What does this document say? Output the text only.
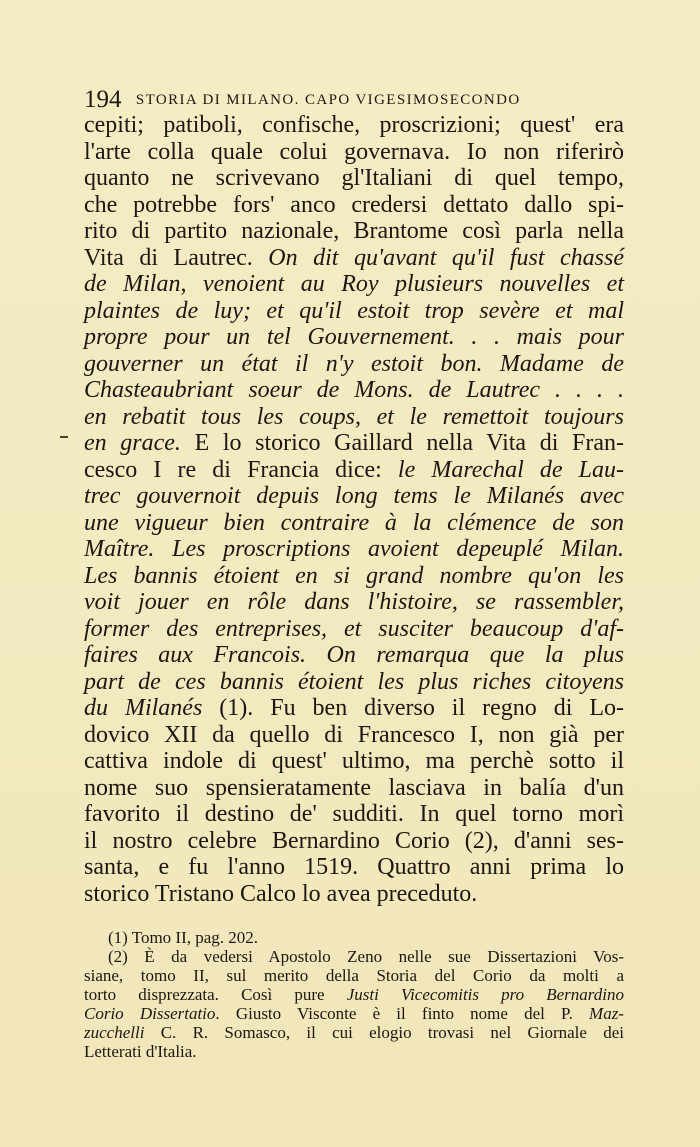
194 STORIA DI MILANO. CAPO VIGESIMOSECONDO
cepiti; patiboli, confische, proscrizioni; quest' era
l'arte colla quale colui governava. Io non riferirò
quanto ne scrivevano gl'Italiani di quel tempo,
che potrebbe fors' anco credersi dettato dallo spi-
rito di partito nazionale, Brantome così parla nella
Vita di Lautrec. On dit qu'avant qu'il fust chassé
de Milan, venoient au Roy plusieurs nouvelles et
plaintes de luy; et qu'il estoit trop sevère et mal
propre pour un tel Gouvernement. . . mais pour
gouverner un état il n'y estoit bon. Madame de
Chasteaubriant soeur de Mons. de Lautrec . . . .
en rebatit tous les coups, et le remettoit toujours
en grace. E lo storico Gaillard nella Vita di Fran-
cesco I re di Francia dice: le Marechal de Lau-
trec gouvernoit depuis long tems le Milanés avec
une vigueur bien contraire à la clémence de son
Maître. Les proscriptions avoient depeuplé Milan.
Les bannis étoient en si grand nombre qu'on les
voit jouer en rôle dans l'histoire, se rassembler,
former des entreprises, et susciter beaucoup d'af-
faires aux Francois. On remarqua que la plus
part de ces bannis étoient les plus riches citoyens
du Milanés (1). Fu ben diverso il regno di Lo-
dovico XII da quello di Francesco I, non già per
cattiva indole di quest' ultimo, ma perchè sotto il
nome suo spensieratamente lasciava in balía d'un
favorito il destino de' sudditi. In quel torno morì
il nostro celebre Bernardino Corio (2), d'anni ses-
santa, e fu l'anno 1519. Quattro anni prima lo
storico Tristano Calco lo avea preceduto.
(1) Tomo II, pag. 202.
(2) È da vedersi Apostolo Zeno nelle sue Dissertazioni Vos-
siane, tomo II, sul merito della Storia del Corio da molti a
torto disprezzata. Così pure Justi Vicecomitis pro Bernardino
Corio Dissertatio. Giusto Visconte è il finto nome del P. Maz-
zucchelli C. R. Somasco, il cui elogio trovasi nel Giornale dei
Letterati d'Italia.
